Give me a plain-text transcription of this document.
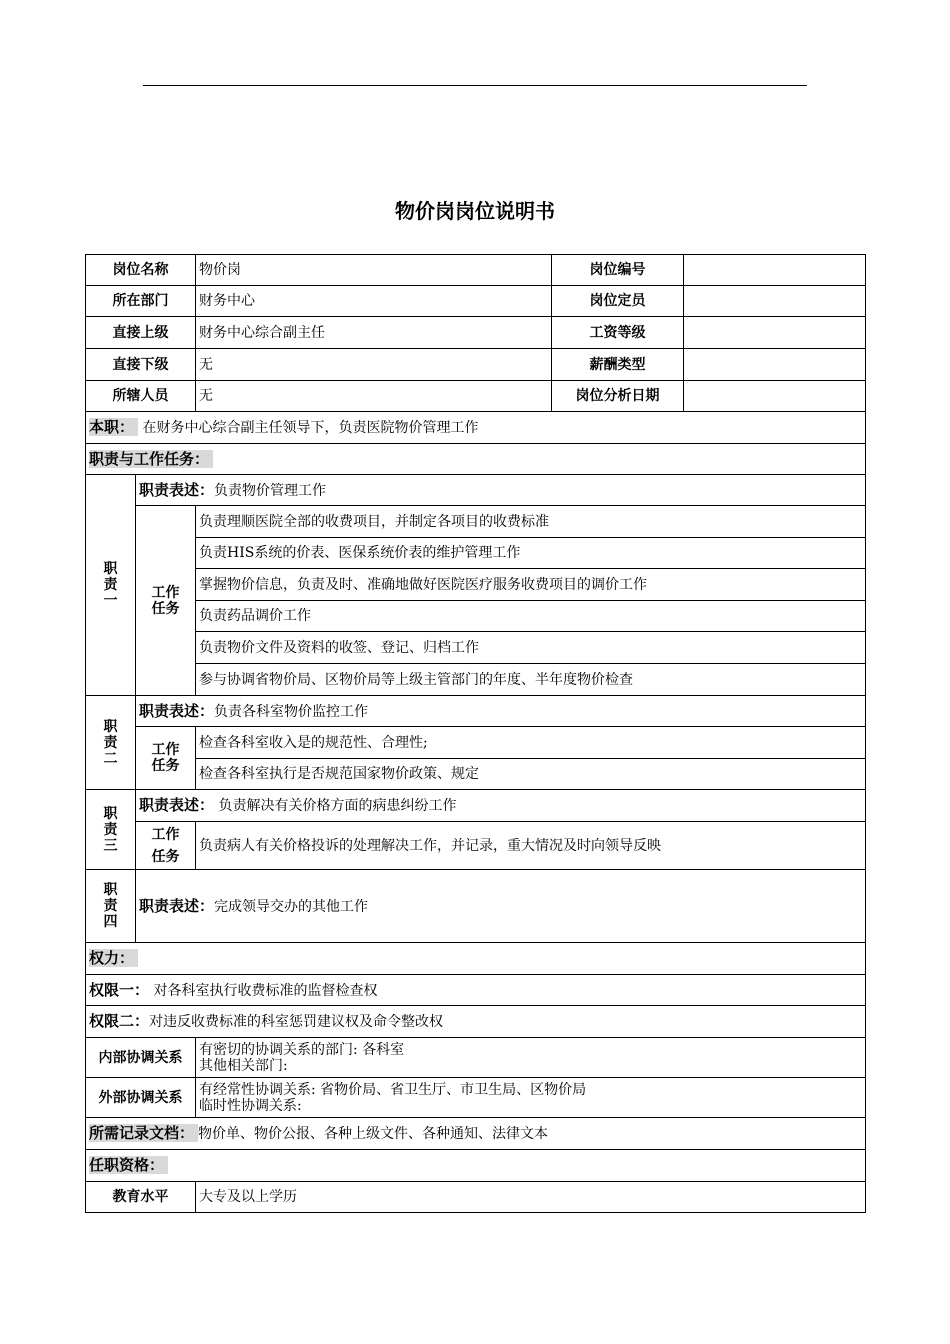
物价岗岗位说明书
岗位名称		物价岗	岗位编号	
所在部门		财务中心	岗位定员	
直接上级		财务中心综合副主任	工资等级	
直接下级		无	薪酬类型	
所辖人员		无	岗位分析日期	
本职： 在财务中心综合副主任领导下，负责医院物价管理工作				
职责与工作任务：				

职
责
一	职责表述：负责物价管理工作			

	工作
任务	负责理顺医院全部的收费项目，并制定各项目的收费标准		
		负责HIS系统的价表、医保系统价表的维护管理工作		
		掌握物价信息，负责及时、准确地做好医院医疗服务收费项目的调价工作		
		负责药品调价工作		
		负责物价文件及资料的收签、登记、归档工作		
		参与协调省物价局、区物价局等上级主管部门的年度、半年度物价检查		

职
责
二	职责表述：负责各科室物价监控工作			

	工作
任务	检查各科室收入是的规范性、合理性;		
		检查各科室执行是否规范国家物价政策、规定		

职
责
三	职责表述： 负责解决有关价格方面的病患纠纷工作			

	工作
任务	负责病人有关价格投诉的处理解决工作，并记录，重大情况及时向领导反映		

职
责
四	职责表述：完成领导交办的其他工作			
权力：				
权限一： 对各科室执行收费标准的监督检查权				
权限二：对违反收费标准的科室惩罚建议权及命令整改权				
内部协调关系		有密切的协调关系的部门: 各科室
其他相关部门:		

外部协调关系		有经常性协调关系: 省物价局、省卫生厅、市卫生局、区物价局
临时性协调关系:		

所需记录文档： 物价单、物价公报、各种上级文件、各种通知、法律文本				
任职资格：				
教育水平		大专及以上学历		
